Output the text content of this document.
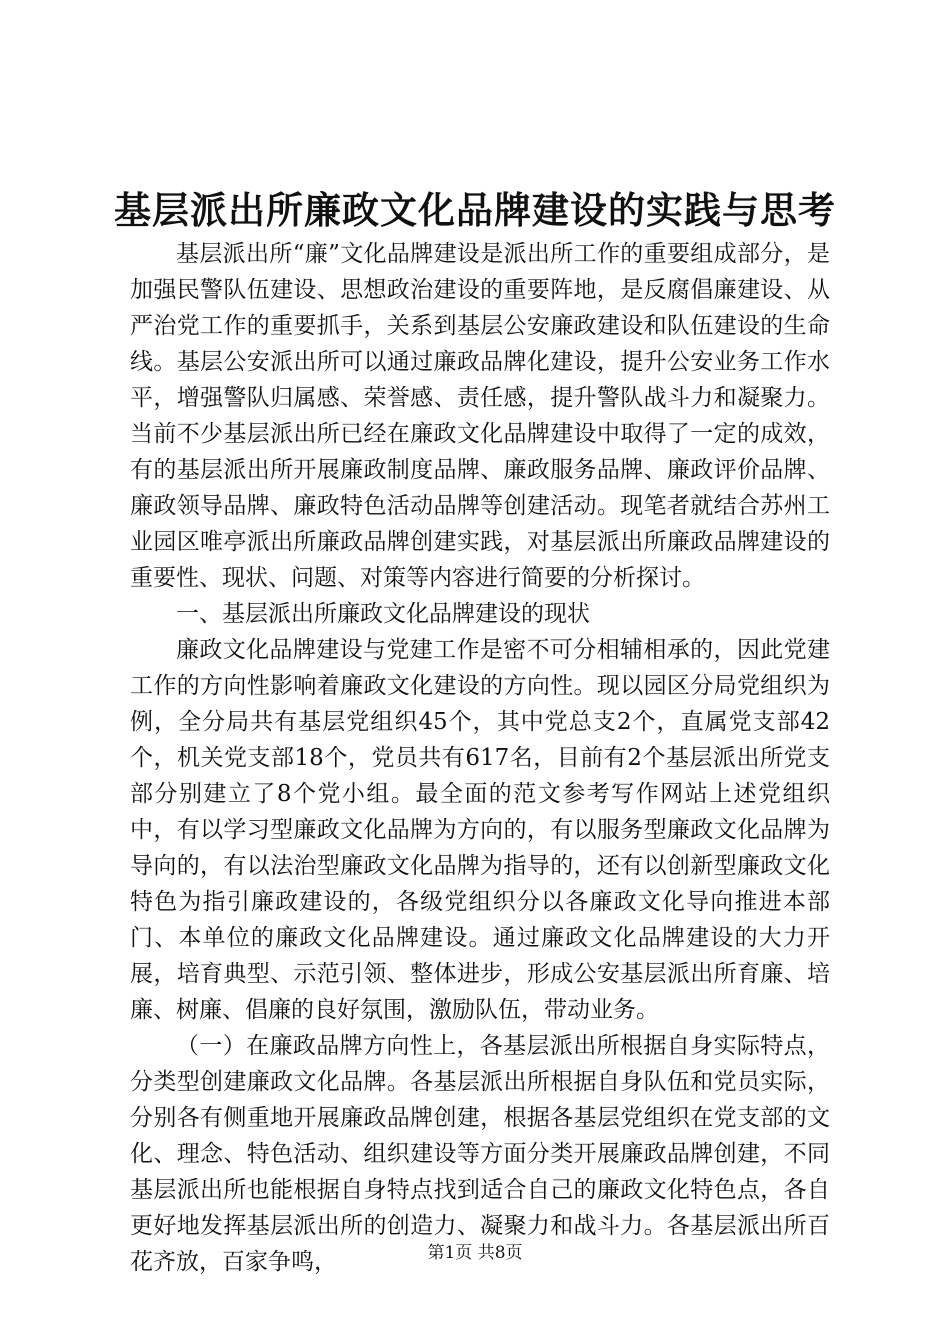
基层派出所廉政文化品牌建设的实践与思考

基层派出所“廉”文化品牌建设是派出所工作的重要组成部分，是加强民警队伍建设、思想政治建设的重要阵地，是反腐倡廉建设、从严治党工作的重要抓手，关系到基层公安廉政建设和队伍建设的生命线。基层公安派出所可以通过廉政品牌化建设，提升公安业务工作水平，增强警队归属感、荣誉感、责任感，提升警队战斗力和凝聚力。当前不少基层派出所已经在廉政文化品牌建设中取得了一定的成效，有的基层派出所开展廉政制度品牌、廉政服务品牌、廉政评价品牌、廉政领导品牌、廉政特色活动品牌等创建活动。现笔者就结合苏州工业园区唯亭派出所廉政品牌创建实践，对基层派出所廉政品牌建设的重要性、现状、问题、对策等内容进行简要的分析探讨。

一、基层派出所廉政文化品牌建设的现状

廉政文化品牌建设与党建工作是密不可分相辅相承的，因此党建工作的方向性影响着廉政文化建设的方向性。现以园区分局党组织为例，全分局共有基层党组织45个，其中党总支2个，直属党支部42个，机关党支部18个，党员共有617名，目前有2个基层派出所党支部分别建立了8个党小组。最全面的范文参考写作网站上述党组织中，有以学习型廉政文化品牌为方向的，有以服务型廉政文化品牌为导向的，有以法治型廉政文化品牌为指导的，还有以创新型廉政文化特色为指引廉政建设的，各级党组织分以各廉政文化导向推进本部门、本单位的廉政文化品牌建设。通过廉政文化品牌建设的大力开展，培育典型、示范引领、整体进步，形成公安基层派出所育廉、培廉、树廉、倡廉的良好氛围，激励队伍，带动业务。

（一）在廉政品牌方向性上，各基层派出所根据自身实际特点，分类型创建廉政文化品牌。各基层派出所根据自身队伍和党员实际，分别各有侧重地开展廉政品牌创建，根据各基层党组织在党支部的文化、理念、特色活动、组织建设等方面分类开展廉政品牌创建，不同基层派出所也能根据自身特点找到适合自己的廉政文化特色点，各自更好地发挥基层派出所的创造力、凝聚力和战斗力。各基层派出所百花齐放，百家争鸣，	第1页 共8页
